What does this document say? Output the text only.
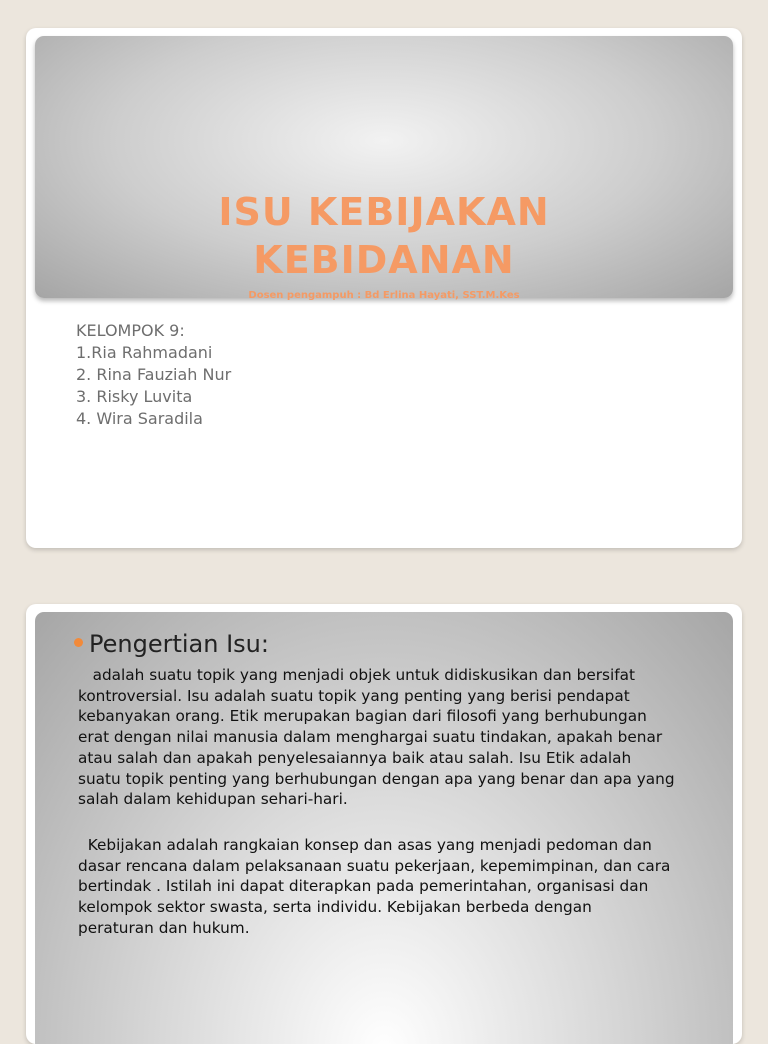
ISU KEBIJAKAN
KEBIDANAN
Dosen pengampuh : Bd Erlina Hayati, SST.M.Kes
KELOMPOK 9:
1.Ria Rahmadani
2. Rina Fauziah Nur
3. Risky Luvita
4. Wira Saradila
Pengertian Isu:
adalah suatu topik yang menjadi objek untuk didiskusikan dan bersifat
kontroversial. Isu adalah suatu topik yang penting yang berisi pendapat
kebanyakan orang. Etik merupakan bagian dari filosofi yang berhubungan
erat dengan nilai manusia dalam menghargai suatu tindakan, apakah benar
atau salah dan apakah penyelesaiannya baik atau salah. Isu Etik adalah
suatu topik penting yang berhubungan dengan apa yang benar dan apa yang
salah dalam kehidupan sehari-hari.
Kebijakan adalah rangkaian konsep dan asas yang menjadi pedoman dan
dasar rencana dalam pelaksanaan suatu pekerjaan, kepemimpinan, dan cara
bertindak . Istilah ini dapat diterapkan pada pemerintahan, organisasi dan
kelompok sektor swasta, serta individu. Kebijakan berbeda dengan
peraturan dan hukum.
